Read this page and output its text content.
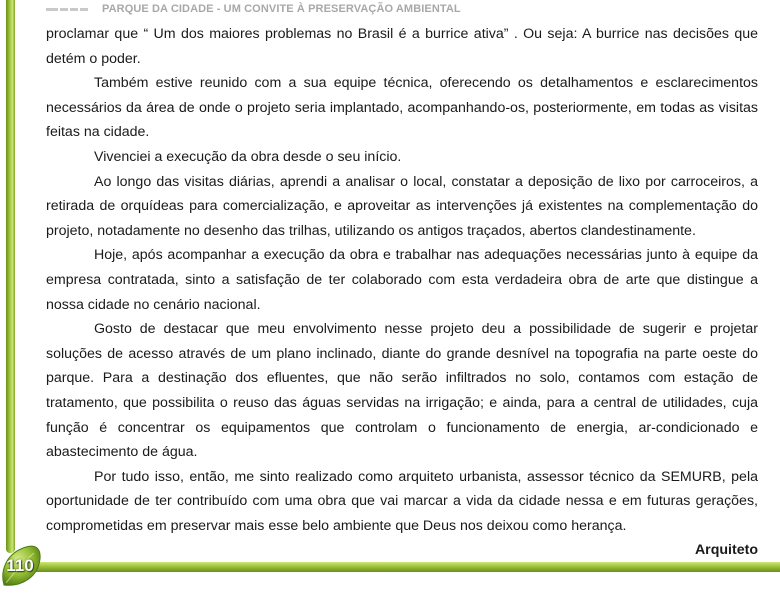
PARQUE DA CIDADE - UM CONVITE À PRESERVAÇÃO AMBIENTAL

proclamar que “ Um dos maiores problemas no Brasil é a burrice ativa” . Ou seja: A burrice nas decisões que detém o poder.

Também estive reunido com a sua equipe técnica, oferecendo os detalhamentos e esclarecimentos necessários da área de onde o projeto seria implantado, acompanhando-os, posteriormente, em todas as visitas feitas na cidade.

Vivenciei a execução da obra desde o seu início.

Ao longo das visitas diárias, aprendi a analisar o local, constatar a deposição de lixo por carroceiros, a retirada de orquídeas para comercialização, e aproveitar as intervenções já existentes na complementação do projeto, notadamente no desenho das trilhas, utilizando os antigos traçados, abertos clandestinamente.

Hoje, após acompanhar a execução da obra e trabalhar nas adequações necessárias junto à equipe da empresa contratada, sinto a satisfação de ter colaborado com esta verdadeira obra de arte que distingue a nossa cidade no cenário nacional.

Gosto de destacar que meu envolvimento nesse projeto deu a possibilidade de sugerir e projetar soluções de acesso através de um plano inclinado, diante do grande desnível na topografia na parte oeste do parque. Para a destinação dos efluentes, que não serão infiltrados no solo, contamos com estação de tratamento, que possibilita o reuso das águas servidas na irrigação; e ainda, para a central de utilidades, cuja função é concentrar os equipamentos que controlam o funcionamento de energia, ar-condicionado e abastecimento de água.

Por tudo isso, então, me sinto realizado como arquiteto urbanista, assessor técnico da SEMURB, pela oportunidade de ter contribuído com uma obra que vai marcar a vida da cidade nessa e em futuras gerações, comprometidas em preservar mais esse belo ambiente que Deus nos deixou como herança.

Arquiteto

110
